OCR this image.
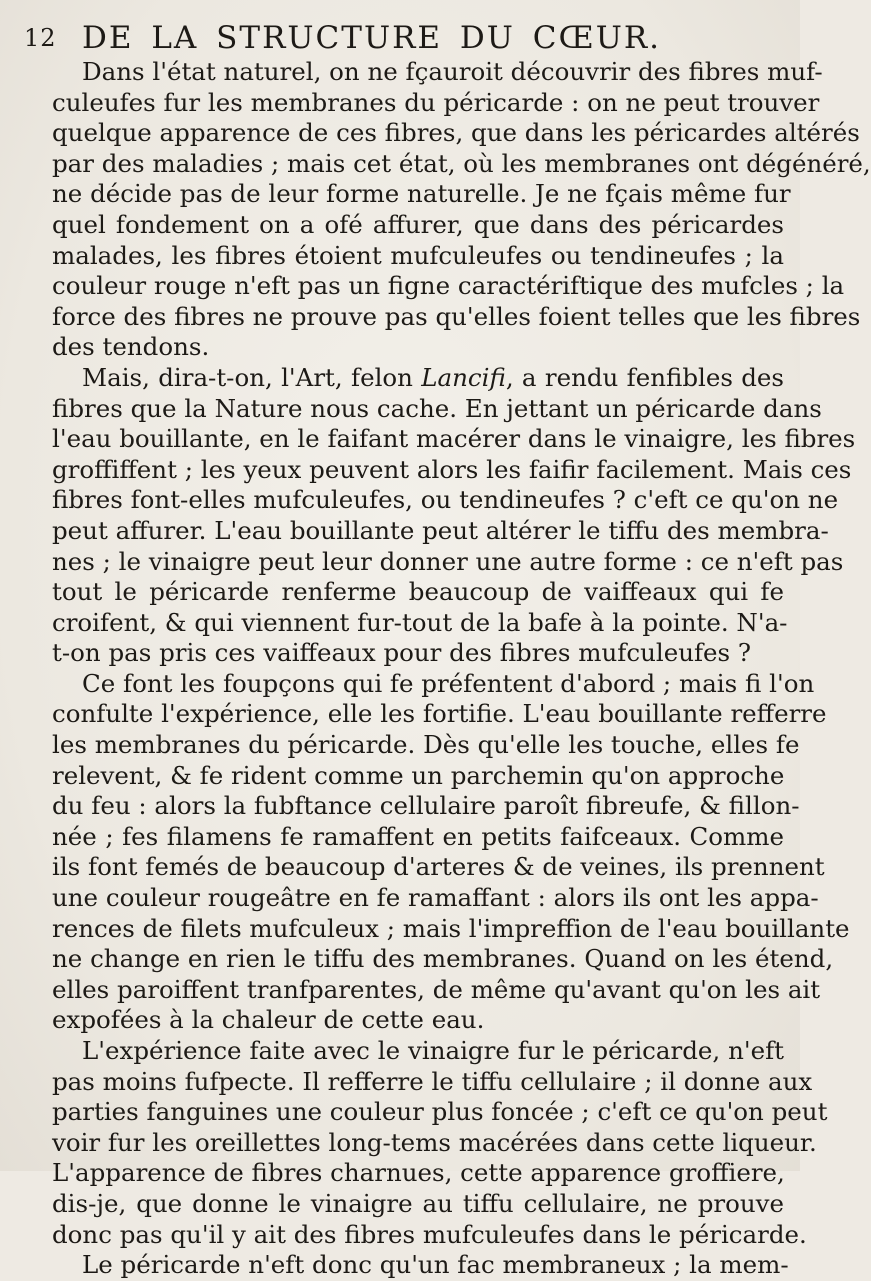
12 DE LA STRUCTURE DU CŒUR.
Dans l'état naturel, on ne fçauroit découvrir des fibres muf-
culeufes fur les membranes du péricarde : on ne peut trouver
quelque apparence de ces fibres, que dans les péricardes altérés
par des maladies ; mais cet état, où les membranes ont dégénéré,
ne décide pas de leur forme naturelle. Je ne fçais même fur
quel fondement on a ofé affurer, que dans des péricardes
malades, les fibres étoient mufculeufes ou tendineufes ; la
couleur rouge n'eft pas un figne caractériftique des mufcles ; la
force des fibres ne prouve pas qu'elles foient telles que les fibres
des tendons.
Mais, dira-t-on, l'Art, felon Lancifi, a rendu fenfibles des
fibres que la Nature nous cache. En jettant un péricarde dans
l'eau bouillante, en le faifant macérer dans le vinaigre, les fibres
groffiffent ; les yeux peuvent alors les faifir facilement. Mais ces
fibres font-elles mufculeufes, ou tendineufes ? c'eft ce qu'on ne
peut affurer. L'eau bouillante peut altérer le tiffu des membra-
nes ; le vinaigre peut leur donner une autre forme : ce n'eft pas
tout le péricarde renferme beaucoup de vaiffeaux qui fe
croifent, & qui viennent fur-tout de la bafe à la pointe. N'a-
t-on pas pris ces vaiffeaux pour des fibres mufculeufes ?
Ce font les foupçons qui fe préfentent d'abord ; mais fi l'on
confulte l'expérience, elle les fortifie. L'eau bouillante refferre
les membranes du péricarde. Dès qu'elle les touche, elles fe
relevent, & fe rident comme un parchemin qu'on approche
du feu : alors la fubftance cellulaire paroît fibreufe, & fillon-
née ; fes filamens fe ramaffent en petits faifceaux. Comme
ils font femés de beaucoup d'arteres & de veines, ils prennent
une couleur rougeâtre en fe ramaffant : alors ils ont les appa-
rences de filets mufculeux ; mais l'impreffion de l'eau bouillante
ne change en rien le tiffu des membranes. Quand on les étend,
elles paroiffent tranfparentes, de même qu'avant qu'on les ait
expofées à la chaleur de cette eau.
L'expérience faite avec le vinaigre fur le péricarde, n'eft
pas moins fufpecte. Il refferre le tiffu cellulaire ; il donne aux
parties fanguines une couleur plus foncée ; c'eft ce qu'on peut
voir fur les oreillettes long-tems macérées dans cette liqueur.
L'apparence de fibres charnues, cette apparence groffiere,
dis-je, que donne le vinaigre au tiffu cellulaire, ne prouve
donc pas qu'il y ait des fibres mufculeufes dans le péricarde.
Le péricarde n'eft donc qu'un fac membraneux ; la mem-
